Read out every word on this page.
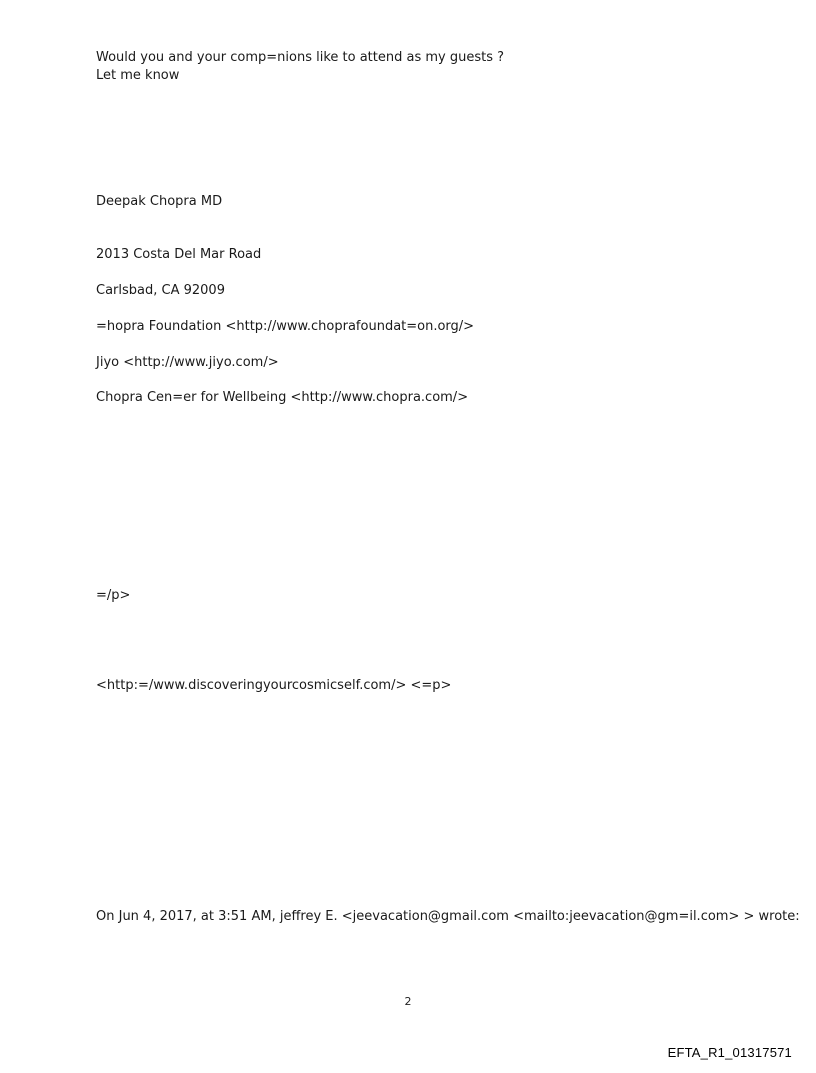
Would you and your comp=nions like to attend as my guests ?
Let me know
Deepak Chopra MD
2013 Costa Del Mar Road
Carlsbad, CA 92009
=hopra Foundation <http://www.choprafoundat=on.org/>
Jiyo <http://www.jiyo.com/>
Chopra Cen=er for Wellbeing <http://www.chopra.com/>
=/p>
<http:=/www.discoveringyourcosmicself.com/> <=p>
On Jun 4, 2017, at 3:51 AM, jeffrey E. <jeevacation@gmail.com <mailto:jeevacation@gm=il.com> > wrote:
2
EFTA_R1_01317571
